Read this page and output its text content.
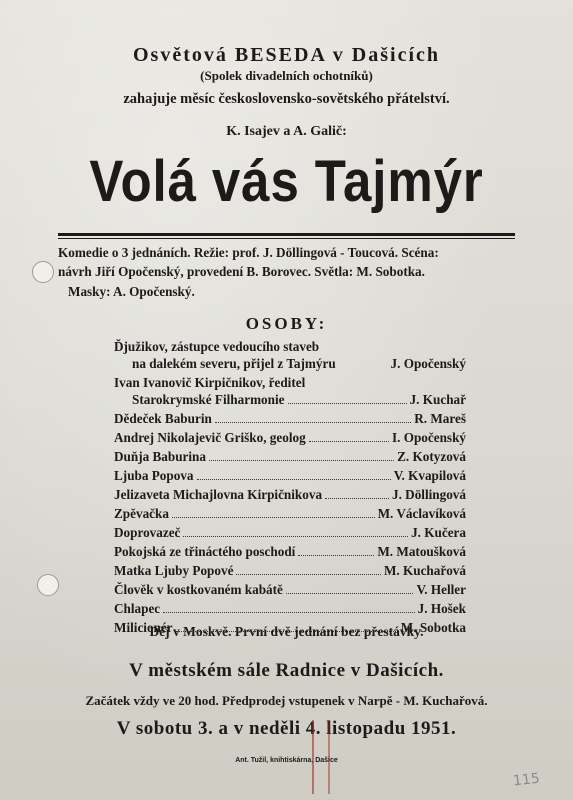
Osvětová BESEDA v Dašicích
(Spolek divadelních ochotníků)
zahajuje měsíc československo-sovětského přátelství.
K. Isajev a A. Galič:
Volá vás Tajmýr
Komedie o 3 jednáních. Režie: prof. J. Döllingová - Toucová. Scéna:
návrh Jiří Opočenský, provedení B. Borovec. Světla: M. Sobotka.
Masky: A. Opočenský.
OSOBY:
Ďjužikov, zástupce vedoucího staveb
na dalekém severu, přijel z Tajmýru	J. Opočenský
Ivan Ivanovič Kirpičnikov, ředitel
Starokrymské Filharmonie	J. Kuchař
Dědeček Baburin	R. Mareš
Andrej Nikolajevič Griško, geolog	I. Opočenský
Duňja Baburina	Z. Kotyzová
Ljuba Popova	V. Kvapilová
Jelizaveta Michajlovna Kirpičnikova	J. Döllingová
Zpěvačka	M. Václavíková
Doprovazeč	J. Kučera
Pokojská ze třináctého poschodí	M. Matoušková
Matka Ljuby Popové	M. Kuchařová
Člověk v kostkovaném kabátě	V. Heller
Chlapec	J. Hošek
Milicionér	M. Sobotka
Děj v Moskvě. První dvě jednání bez přestávky.
V městském sále Radnice v Dašicích.
Začátek vždy ve 20 hod. Předprodej vstupenek v Narpě - M. Kuchařová.
V sobotu 3. a v neděli 4. listopadu 1951.
Ant. Tužil, knihtiskárna, Dašice
115
